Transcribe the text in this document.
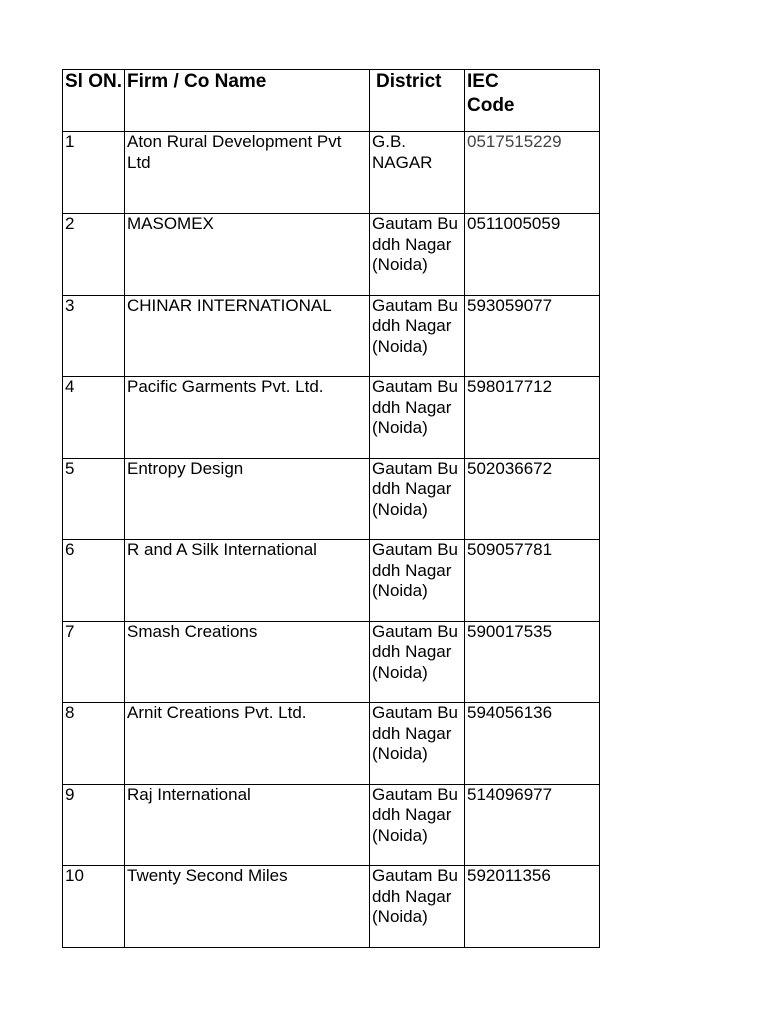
Sl ON.	Firm / Co Name	District	IEC
Code
1	Aton Rural Development Pvt Ltd	G.B. NAGAR	0517515229
2	MASOMEX	Gautam Buddh Nagar(Noida)	0511005059
3	CHINAR INTERNATIONAL	Gautam Buddh Nagar(Noida)	593059077
4	Pacific Garments Pvt. Ltd.	Gautam Buddh Nagar(Noida)	598017712
5	Entropy Design	Gautam Buddh Nagar(Noida)	502036672
6	R and A Silk International	Gautam Buddh Nagar(Noida)	509057781
7	Smash Creations	Gautam Buddh Nagar(Noida)	590017535
8	Arnit Creations Pvt. Ltd.	Gautam Buddh Nagar(Noida)	594056136
9	Raj International	Gautam Buddh Nagar(Noida)	514096977
10	Twenty Second Miles	Gautam Buddh Nagar(Noida)	592011356
